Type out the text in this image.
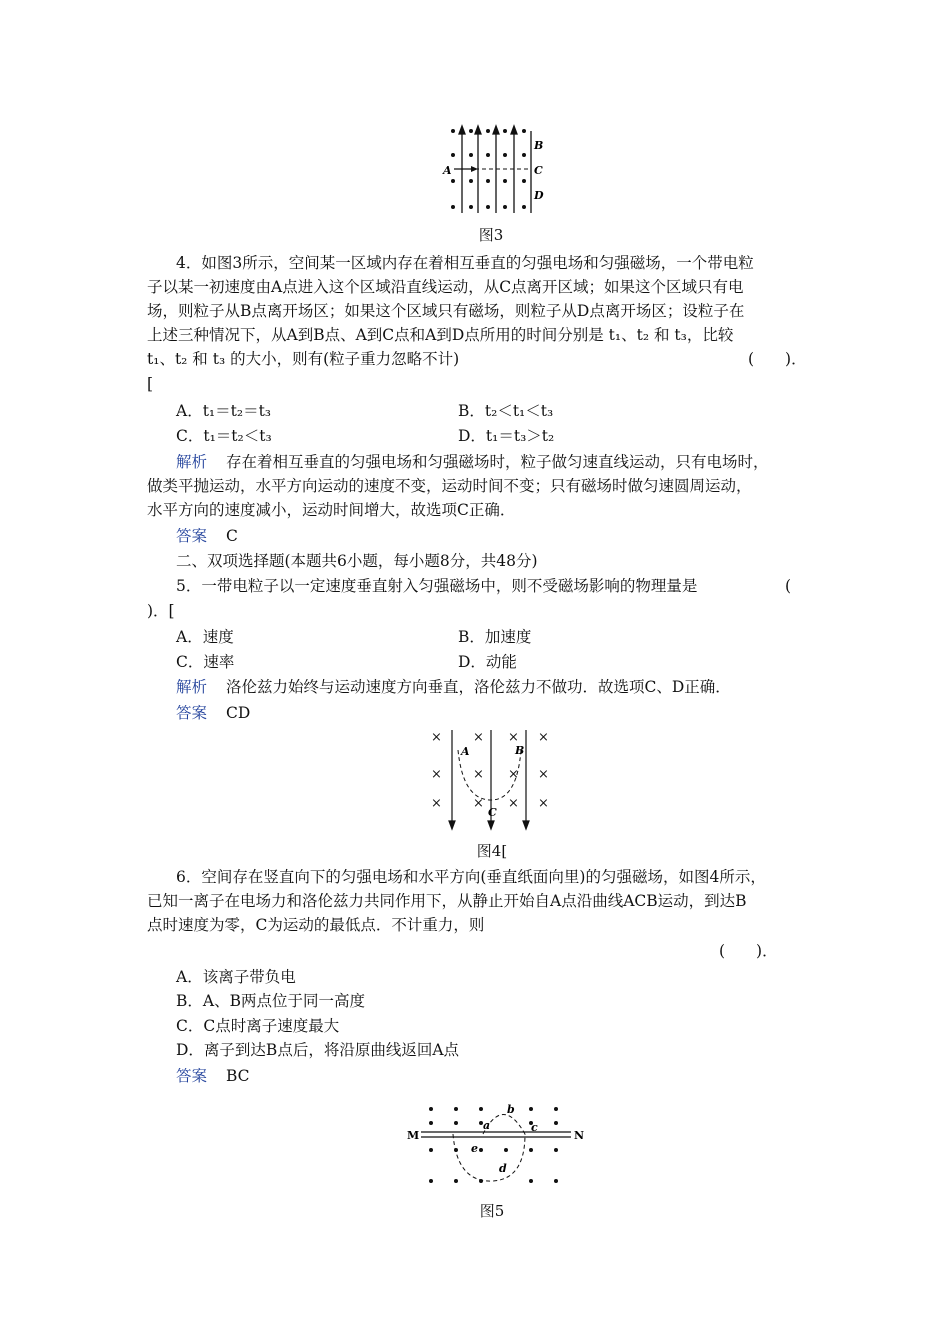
A
B
C
D
图3
4．如图3所示，空间某一区域内存在着相互垂直的匀强电场和匀强磁场，一个带电粒
子以某一初速度由A点进入这个区域沿直线运动，从C点离开区域；如果这个区域只有电
场，则粒子从B点离开场区；如果这个区域只有磁场，则粒子从D点离开场区；设粒子在
上述三种情况下，从A到B点、A到C点和A到D点所用的时间分别是 t₁、t₂ 和 t₃，比较
t₁、t₂ 和 t₃ 的大小，则有(粒子重力忽略不计)	(　　)．
[
A．t₁＝t₂＝t₃	B．t₂＜t₁＜t₃
C．t₁＝t₂＜t₃	D．t₁＝t₃＞t₂
解析 存在着相互垂直的匀强电场和匀强磁场时，粒子做匀速直线运动，只有电场时，
做类平抛运动，水平方向运动的速度不变，运动时间不变；只有磁场时做匀速圆周运动，
水平方向的速度减小，运动时间增大，故选项C正确．
答案 C
二、双项选择题(本题共6小题，每小题8分，共48分)
5．一带电粒子以一定速度垂直射入匀强磁场中，则不受磁场影响的物理量是	(
)．[
A．速度	B．加速度
C．速率	D．动能
解析 洛伦兹力始终与运动速度方向垂直，洛伦兹力不做功．故选项C、D正确．
答案 CD
× × × ×
× × × ×
× × × ×
A	B
C
图4[
6．空间存在竖直向下的匀强电场和水平方向(垂直纸面向里)的匀强磁场，如图4所示，
已知一离子在电场力和洛伦兹力共同作用下，从静止开始自A点沿曲线ACB运动，到达B
点时速度为零，C为运动的最低点．不计重力，则
(　　)．
A．该离子带负电
B．A、B两点位于同一高度
C．C点时离子速度最大
D．离子到达B点后，将沿原曲线返回A点
答案 BC
M	N
a
b
c
d
e
图5
